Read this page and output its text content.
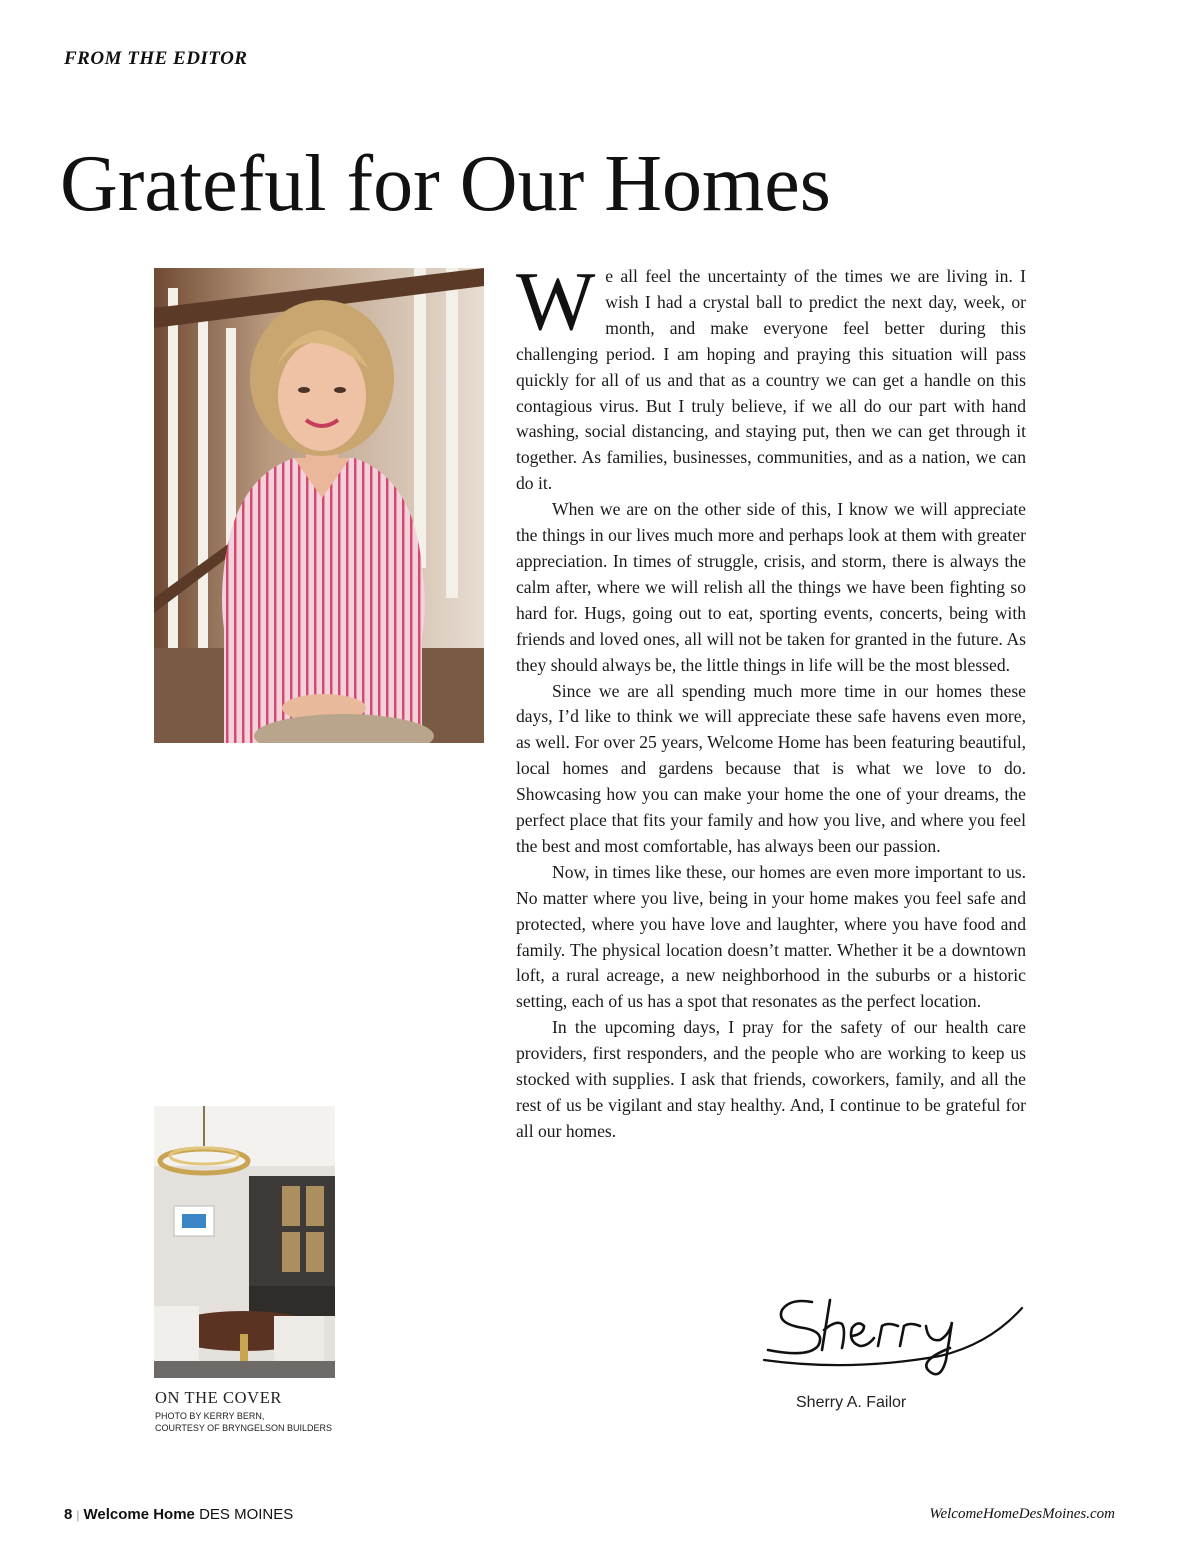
FROM THE EDITOR
Grateful for Our Homes

We all feel the uncertainty of the times we are living in. I wish I had a crystal ball to predict the next day, week, or month, and make everyone feel better during this challenging period. I am hoping and praying this situation will pass quickly for all of us and that as a country we can get a handle on this contagious virus. But I truly believe, if we all do our part with hand washing, social distancing, and staying put, then we can get through it together. As families, businesses, communities, and as a nation, we can do it.

When we are on the other side of this, I know we will appreciate the things in our lives much more and perhaps look at them with greater appreciation. In times of struggle, crisis, and storm, there is always the calm after, where we will relish all the things we have been fighting so hard for. Hugs, going out to eat, sporting events, concerts, being with friends and loved ones, all will not be taken for granted in the future. As they should always be, the little things in life will be the most blessed.

Since we are all spending much more time in our homes these days, I’d like to think we will appreciate these safe havens even more, as well. For over 25 years, Welcome Home has been featuring beautiful, local homes and gardens because that is what we love to do. Showcasing how you can make your home the one of your dreams, the perfect place that fits your family and how you live, and where you feel the best and most comfortable, has always been our passion.

Now, in times like these, our homes are even more important to us. No matter where you live, being in your home makes you feel safe and protected, where you have love and laughter, where you have food and family. The physical location doesn’t matter. Whether it be a downtown loft, a rural acreage, a new neighborhood in the suburbs or a historic setting, each of us has a spot that resonates as the perfect location.

In the upcoming days, I pray for the safety of our health care providers, first responders, and the people who are working to keep us stocked with supplies. I ask that friends, coworkers, family, and all the rest of us be vigilant and stay healthy. And, I continue to be grateful for all our homes.

ON THE COVER
PHOTO BY KERRY BERN,
COURTESY OF BRYNGELSON BUILDERS
Sherry A. Failor
8 | Welcome Home DES MOINES	WelcomeHomeDesMoines.com
